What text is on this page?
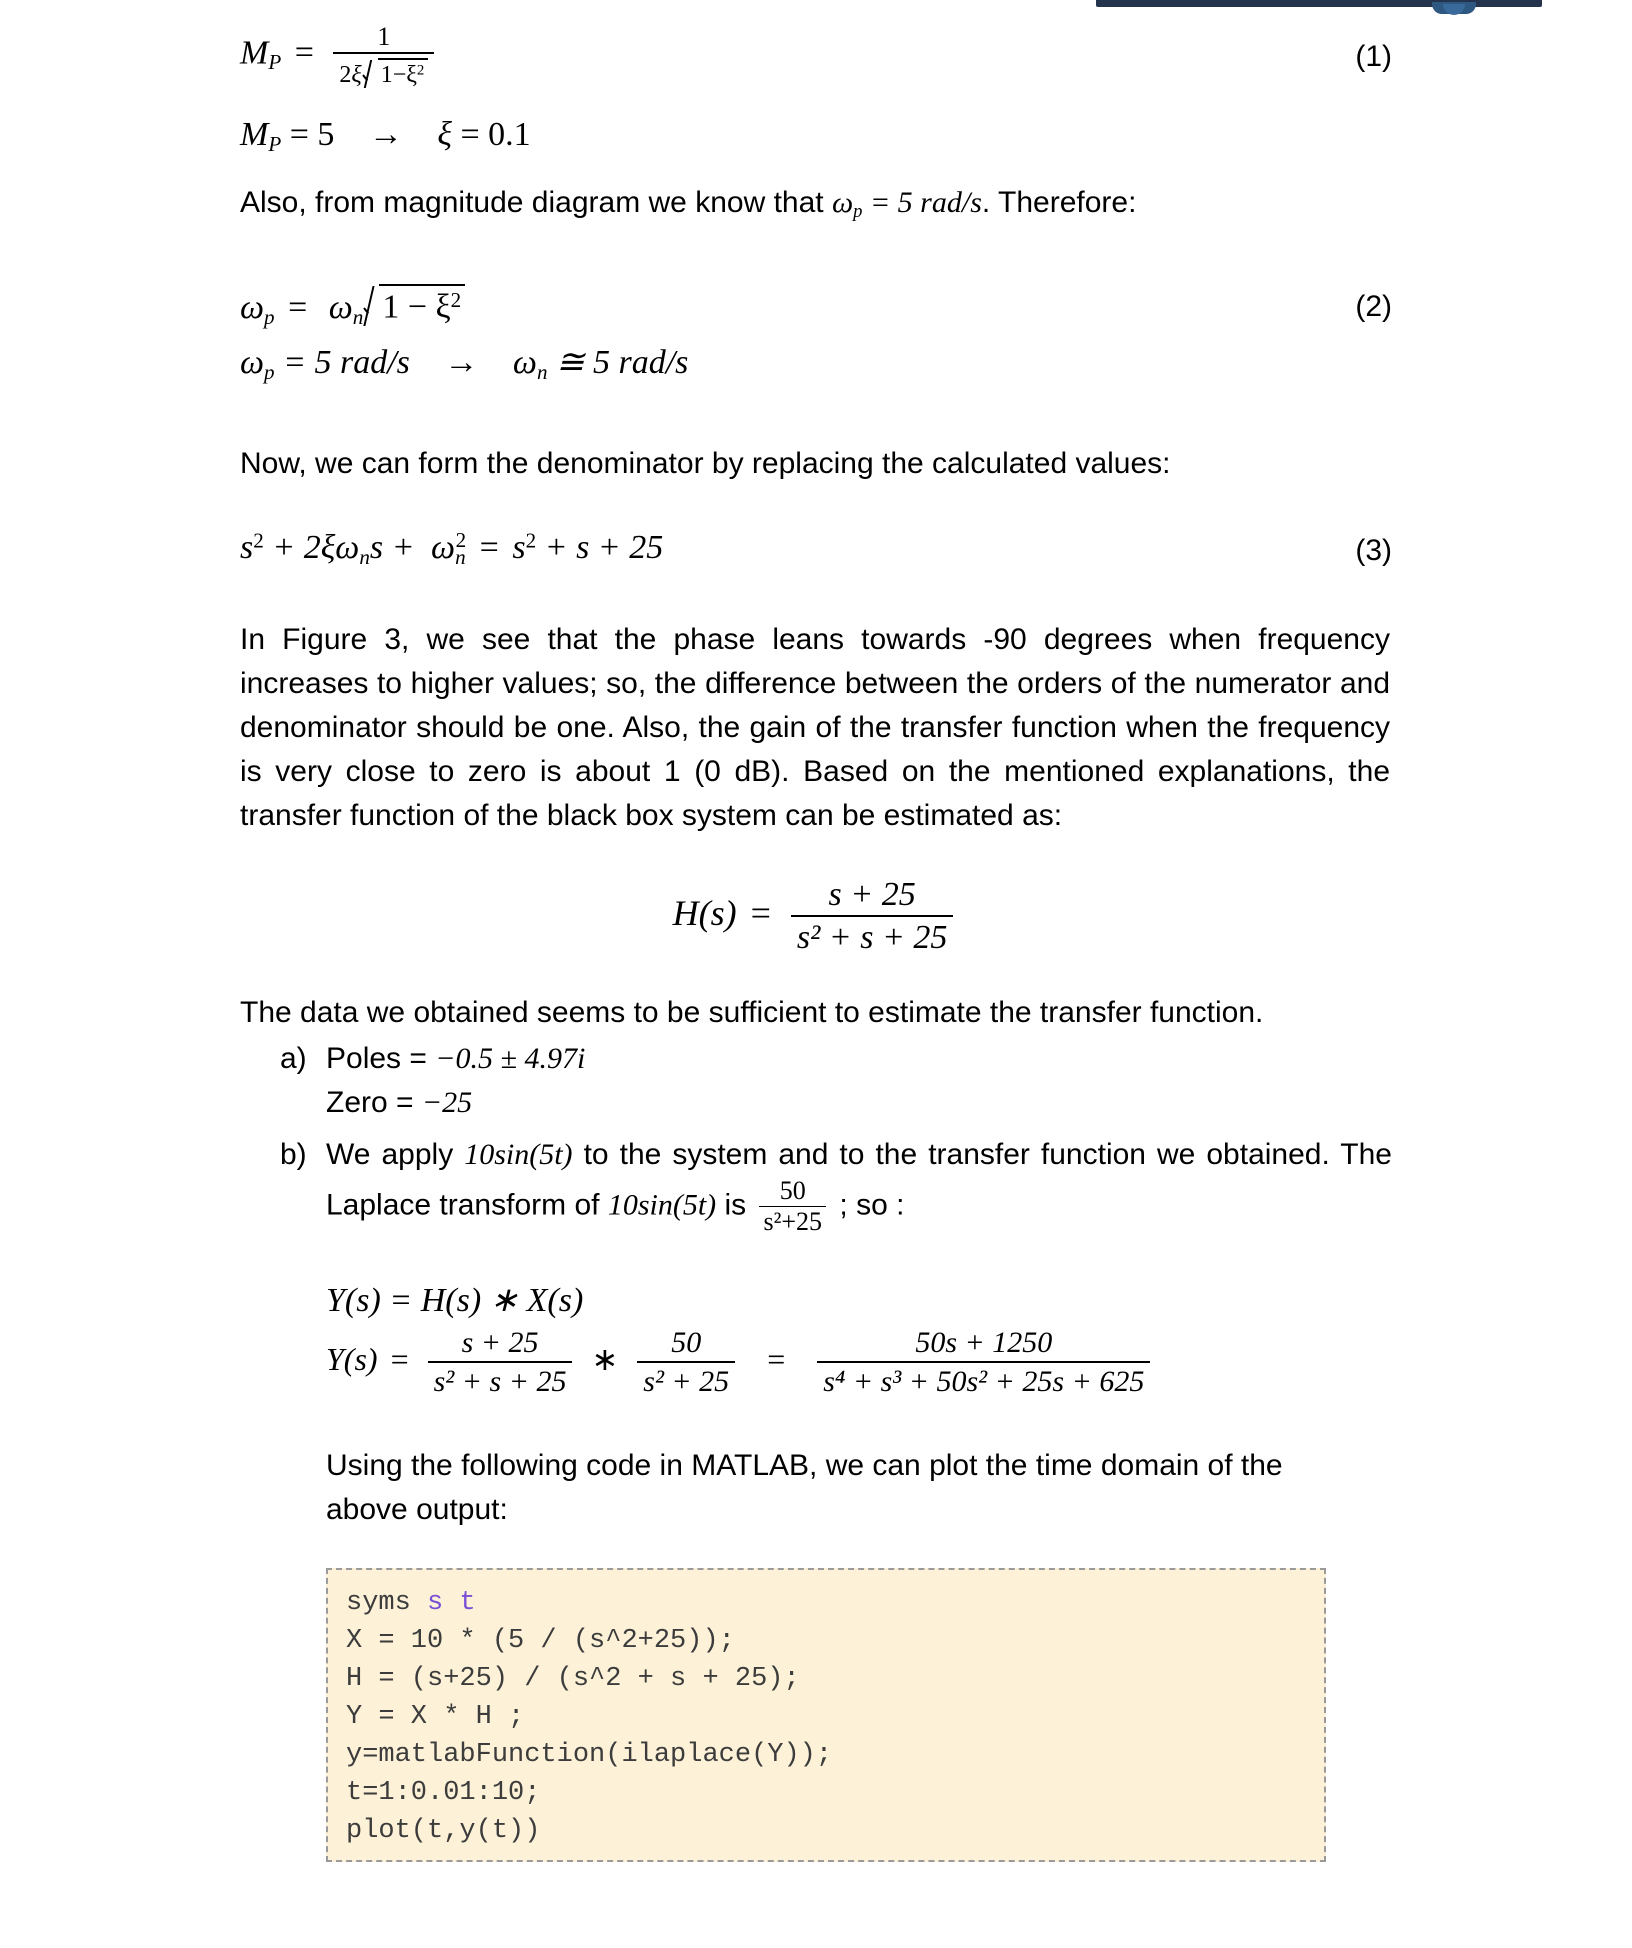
$M_P = \frac{1}{2\xi 1-\xi^2}$	(1)
$M_P = 5 \to \xi = 0.1$
Also, from magnitude diagram we know that $\omega_p = 5$ rad/s. Therefore:
$\omega_p = \omega_n$ $1 - \xi^2$	(2)
$\omega_p = 5$ $rad/s \to \omega_n$ ≅ 5 rad/s
Now, we can form the denominator by replacing the calculated values:
$s^2 + 2\xi\omega_ns + \omega_n^2 = s^2 + s + 25$	(3)
In Figure 3, we see that the phase leans towards -90 degrees when frequency increases to higher values; so, the difference between the orders of the numerator and denominator should be one. Also, the gain of the transfer function when the frequency is very close to zero is about 1 (0 dB). Based on the mentioned explanations, the transfer function of the black box system can be estimated as:
$H(s) = \frac{s + 25}{\text{s² + s + 25}}$
The data we obtained seems to be sufficient to estimate the transfer function.
a) Poles = −0.5 ± 4.97i
Zero = −25
b) We apply 10sin(5t) to the system and to the transfer function we obtained. The Laplace transform of 10sin(5t) is $\frac{50}{\text{s²+25}}$ ; so :
Y(s) = H(s) ∗ X(s)
$Y(s) = \frac{s + 25}{\text{s² + s + 25}}$ ∗ $\frac{50}{\text{s² + 25}} = \frac{50s + 1250}{\text{s⁴ + s³ + 50s² + 25s + 625}}$
Using the following code in MATLAB, we can plot the time domain of the above output:
syms s t
X = 10 * (5 / (s^2+25));
H = (s+25) / (s^2 + s + 25);
Y = X * H ;
y=matlabFunction(ilaplace(Y));
t=1:0.01:10;
plot(t,y(t))
